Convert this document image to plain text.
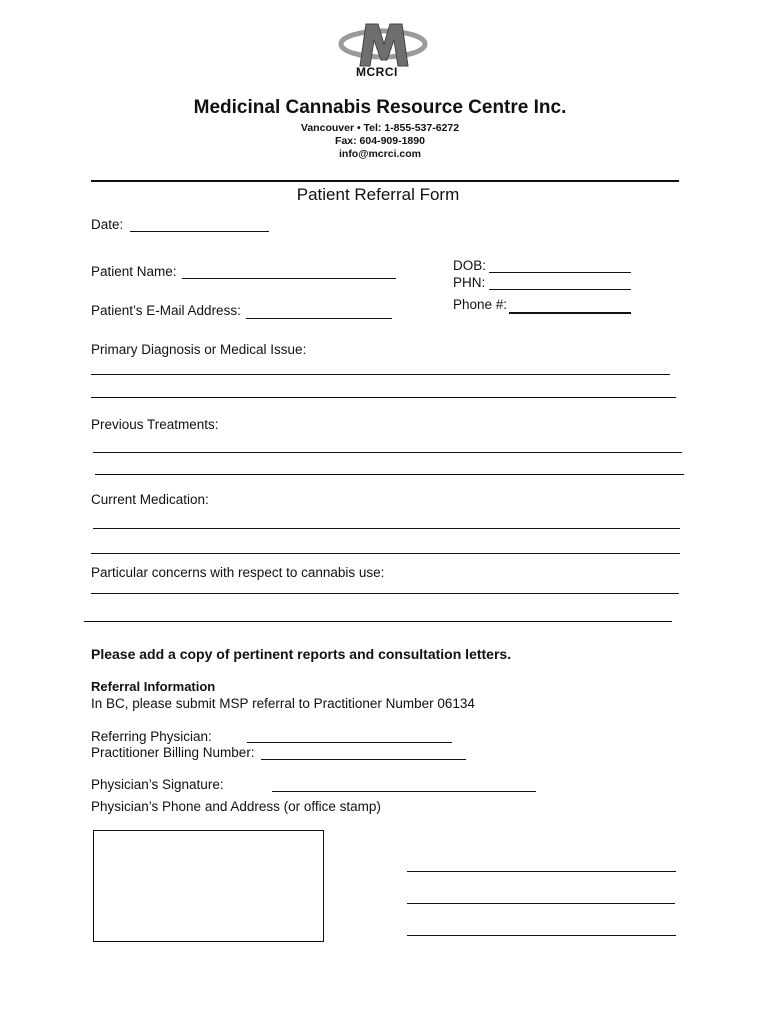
MCRCI
Medicinal Cannabis Resource Centre Inc.
Vancouver • Tel: 1-855-537-6272
Fax: 604-909-1890
info@mcrci.com
Patient Referral Form
Date:
Patient Name:
Patient’s E-Mail Address:
DOB:
PHN:
Phone #:
Primary Diagnosis or Medical Issue:
Previous Treatments:
Current Medication:
Particular concerns with respect to cannabis use:
Please add a copy of pertinent reports and consultation letters.
Referral Information
In BC, please submit MSP referral to Practitioner Number 06134
Referring Physician:
Practitioner Billing Number:
Physician’s Signature:
Physician’s Phone and Address (or office stamp)
